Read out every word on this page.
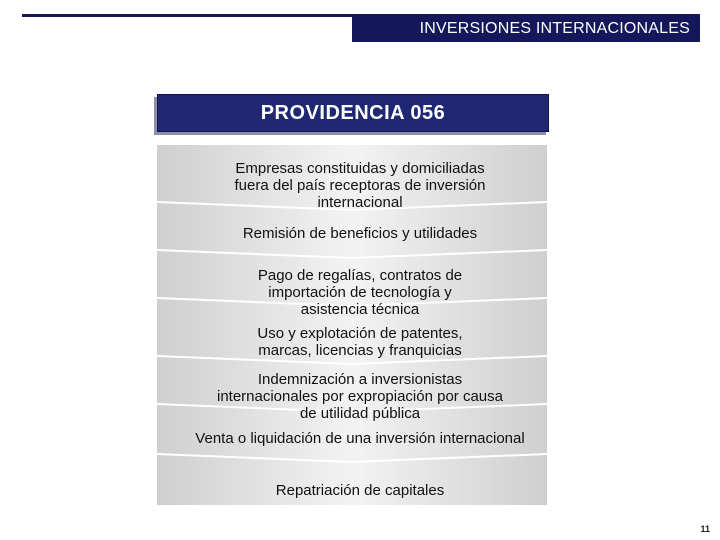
INVERSIONES INTERNACIONALES
PROVIDENCIA 056
Empresas constituidas y domiciliadas
fuera del país receptoras de inversión
internacional
Remisión de beneficios y utilidades
Pago de regalías, contratos de
importación de tecnología y
asistencia técnica
Uso y explotación de patentes,
marcas, licencias y franquicias
Indemnización a inversionistas
internacionales por expropiación por causa
de utilidad pública
Venta o liquidación de una inversión internacional
Repatriación de capitales
11
